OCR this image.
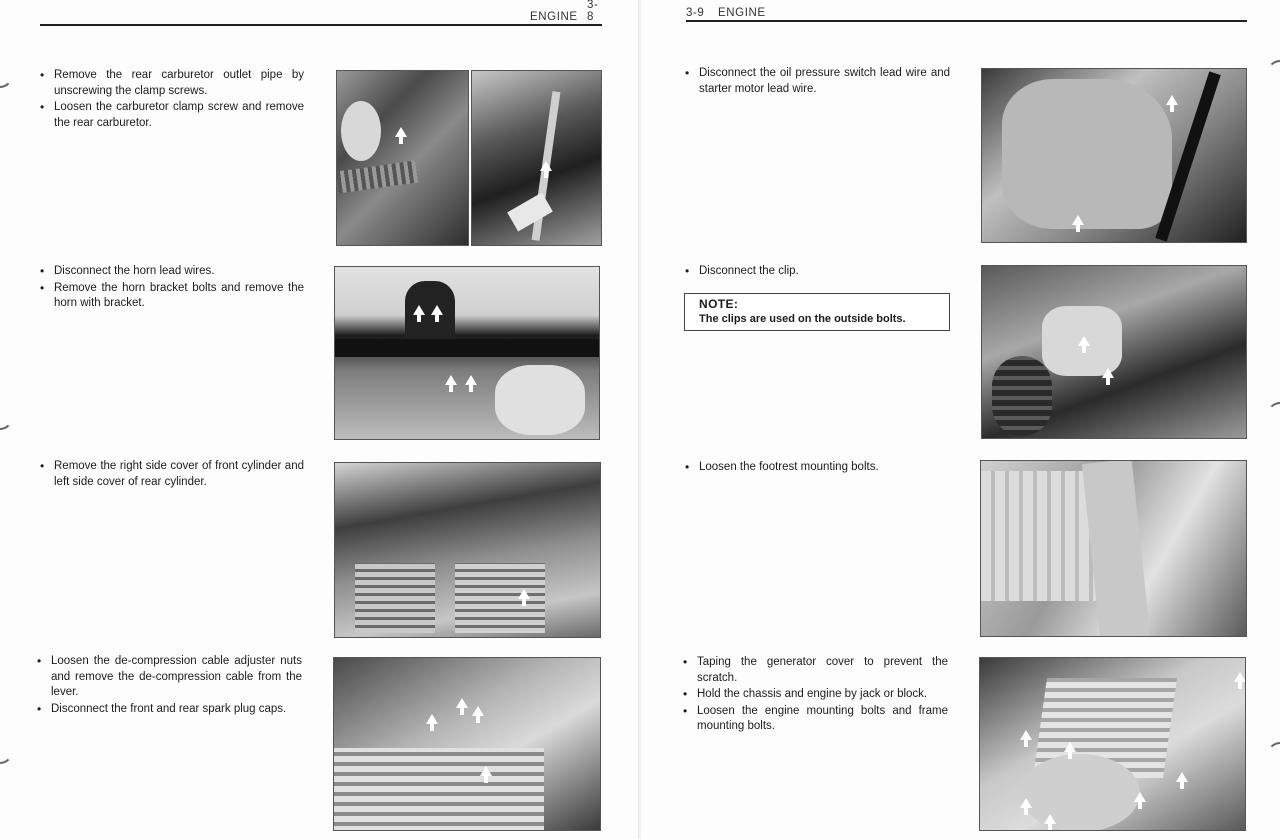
ENGINE
3-8
• Remove the rear carburetor outlet pipe by unscrewing the clamp screws.
• Loosen the carburetor clamp screw and remove the rear carburetor.
• Disconnect the horn lead wires.
• Remove the horn bracket bolts and remove the horn with bracket.
• Remove the right side cover of front cylinder and left side cover of rear cylinder.
• Loosen the de-compression cable adjuster nuts and remove the de-compression cable from the lever.
• Disconnect the front and rear spark plug caps.
3-9 ENGINE
• Disconnect the oil pressure switch lead wire and starter motor lead wire.
• Disconnect the clip.
NOTE:
The clips are used on the outside bolts.
• Loosen the footrest mounting bolts.
• Taping the generator cover to prevent the scratch.
• Hold the chassis and engine by jack or block.
• Loosen the engine mounting bolts and frame mounting bolts.
